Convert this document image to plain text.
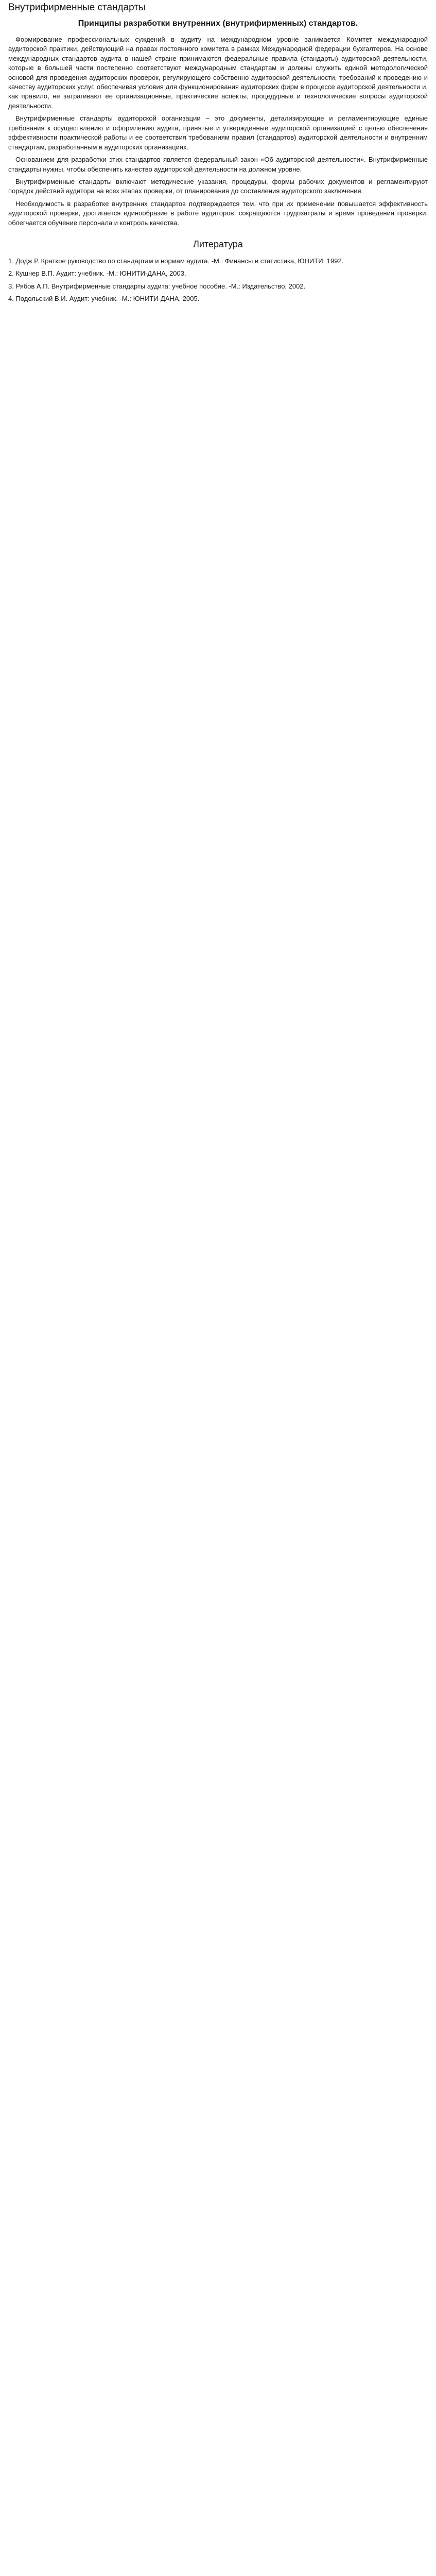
Внутрифирменные стандарты
Принципы разработки внутренних (внутрифирменных) стандартов.

Формирование профессиональных суждений в аудиту на международном уровне занимается Комитет международной аудиторской практики, действующий на правах постоянного комитета в рамках Международной федерации бухгалтеров. На основе международных стандартов аудита в нашей стране принимаются федеральные правила (стандарты) аудиторской деятельности, которые в большей части постепенно соответствуют международным стандартам и должны служить единой методологической основой для проведения аудиторских проверок, регулирующего собственно аудиторской деятельности, требований к проведению и качеству аудиторских услуг, обеспечивая условия для функционирования аудиторских фирм в процессе аудиторской деятельности и, как правило, не затрагивают ее организационные, практические аспекты, процедурные и технологические вопросы аудиторской деятельности.

Внутрифирменные стандарты аудиторской организации – это документы, детализирующие и регламентирующие единые требования к осуществлению и оформлению аудита, принятые и утвержденные аудиторской организацией с целью обеспечения эффективности практической работы и ее соответствия требованиям правил (стандартов) аудиторской деятельности и внутренним стандартам, разработанным в аудиторских организациях.

Основанием для разработки этих стандартов является федеральный закон «Об аудиторской деятельности». Внутрифирменные стандарты нужны, чтобы обеспечить качество аудиторской деятельности на должном уровне.

Внутрифирменные стандарты включают методические указания, процедуры, формы рабочих документов и регламентируют порядок действий аудитора на всех этапах проверки, от планирования до составления аудиторского заключения.

Необходимость в разработке внутренних стандартов подтверждается тем, что при их применении повышается эффективность аудиторской проверки, достигается единообразие в работе аудиторов, сокращаются трудозатраты и время проведения проверки, облегчается обучение персонала и контроль качества.

Литература

1. Додж Р. Краткое руководство по стандартам и нормам аудита. -М.: Финансы и статистика, ЮНИТИ, 1992.

2. Кушнер В.П. Аудит: учебник. -М.: ЮНИТИ-ДАНА, 2003.

3. Рябов А.П. Внутрифирменные стандарты аудита: учебное пособие. -М.: Издательство, 2002.

4. Подольский В.И. Аудит: учебник. -М.: ЮНИТИ-ДАНА, 2005.
